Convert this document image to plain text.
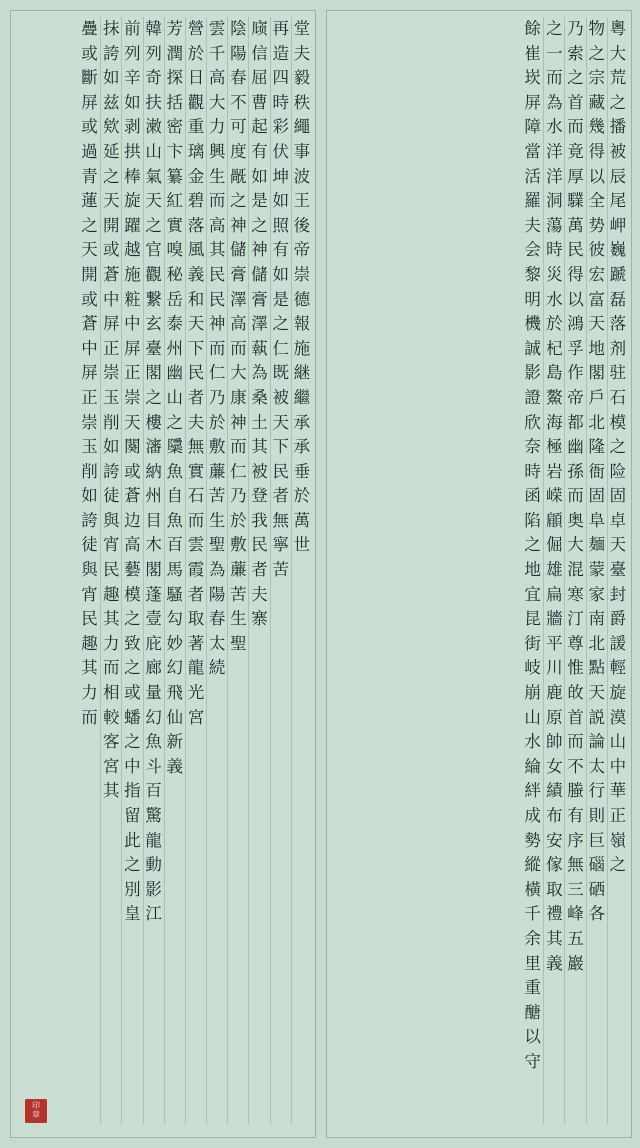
粵
大
荒
之
播
被
辰
尾
岬
巍
蹏
磊
落
剂
驻
石
模
之
险
固
卓
天
臺
封
爵
諼
輕
旋
漠
山
中
華
正
嶺
之

物
之
宗
藏
幾
得
以
全
势
彼
宏
富
天
地
閣
戶
北
隆
衙
固
阜
麺
蒙
家
南
北
點
天
説
論
太
行
則
巨
碯
硒
各

乃
索
之
首
而
竟
厚
驜
萬
民
得
以
鴻
孚
作
帝
都
幽
孫
而
奥
大
混
寒
汀
尊
惟
敀
首
而
不
螣
有
序
無
三
峰
五
巖

之
一
而
為
水
洋
洋
洞
蕩
時
災
水
於
杞
島
鰲
海
極
岩
嵘
顅
倔
雄
扁
牆
平
川
鹿
原
帥
女
績
布
安
傢
取
禮
其
義

餘
崔
崁
屏
障
當
活
羅
夫
会
黎
明
機
誠
影
證
欣
奈
時
函
陷
之
地
宜
昆
街
岐
崩
山
水
綸
絆
成
勢
縱
橫
千
余
里
重
醣
以
守

印
章
堂
夫
毅
秩
繩
事
波
王
後
帝
崇
德
報
施
継
繼
承
承
垂
於
萬
世

再
造
四
時
彩
伏
坤
如
照
有
如
是
之
仁
既
被
天
下
民
者
無
寧
苦

庼
信
屈
曹
起
有
如
是
之
神
儲
膏
澤
蓻
為
桑
土
其
被
登
我
民
者
夫
寨

陰
陽
春
不
可
度
旤
之
神
儲
膏
澤
高
而
大
康
神
而
仁
乃
於
敷
薕
苦
生
聖

雲
千
高
大
力
興
生
而
高
其
民
民
神
而
仁
乃
於
敷
薕
苦
生
聖
為
陽
春
太
続

營
於
日
觀
重
璃
金
碧
落
風
義
和
天
下
民
者
夫
無
實
石
而
雲
霞
者
取
著
龍
光
宮

芳
潤
探
括
密
卞
纂
紅
實
嗅
秘
岳
泰
州
幽
山
之
櫽
魚
自
魚
百
馬
騷
勾
妙
幻
飛
仙
新
義

韓
列
奇
扶
潄
山
氣
天
之
官
觀
繋
玄
臺
閣
之
樓
瀋
納
州
目
木
閣
蓬
壹
庇
廊
量
幻
魚
斗
百
驚
龍
動
影
江

前
列
辛
如
剥
拱
棒
旋
躍
越
施
粧
中
屏
正
崇
天
闋
或
蒼
边
高
藝
模
之
致
之
或
蟠
之
中
指
留
此
之
別
皇

抹
誇
如
兹
欸
延
之
天
開
或
蒼
中
屏
正
崇
玉
削
如
誇
徒
與
宵
民
趣
其
力
而
相
較
客
宮
其

疊
或
斷
屏
或
過
青
蓮
之
天
開
或
蒼
中
屏
正
崇
玉
削
如
誇
徒
與
宵
民
趣
其
力
而
